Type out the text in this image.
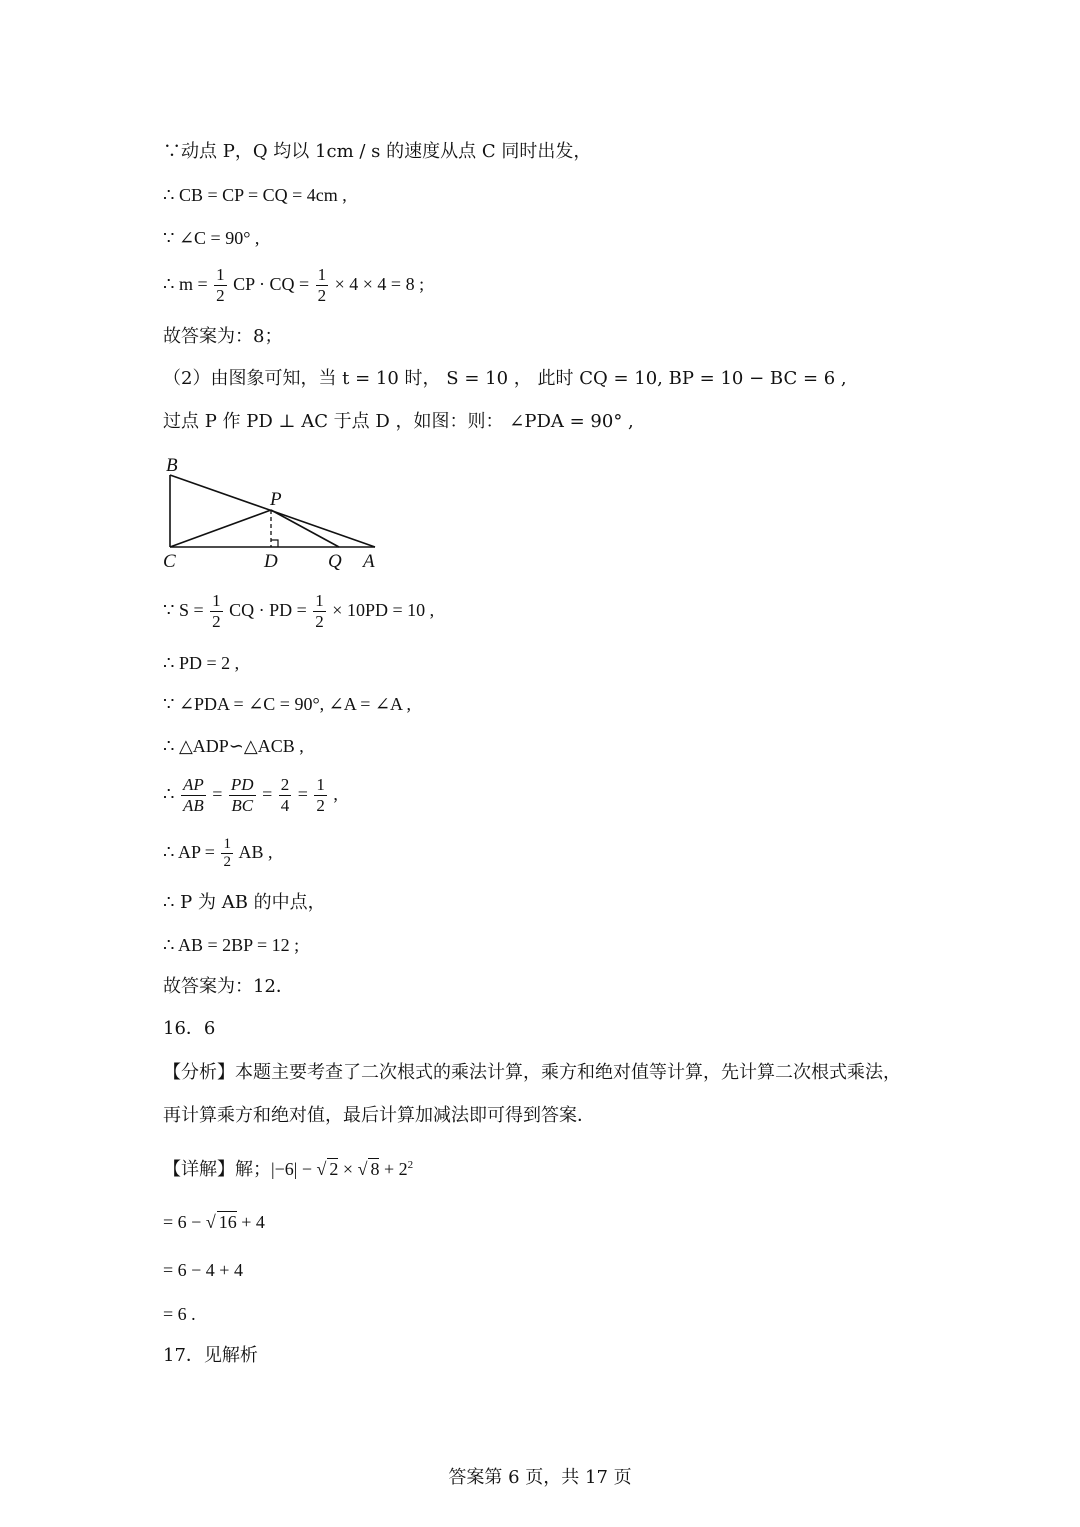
∵动点 P，Q 均以 1cm / s 的速度从点 C 同时出发，
∴ CB = CP = CQ = 4cm ,
∵ ∠C = 90° ,
∴ $m = \frac{1}{2}$ CP · CQ = $\frac{1}{2} \times 4 \times 4 = 8$ ;
故答案为：8；
（2）由图象可知，当 t = 10 时， S = 10 ， 此时 CQ = 10, BP = 10 − BC = 6 ,
过点 P 作 PD ⊥ AC 于点 D ，如图：则： ∠PDA = 90° ,
B
P
C	D	Q A
∵ $S = \frac{1}{2}$ CQ · PD = $\frac{1}{2} \times 10PD = 10$ ,
∴ PD = 2 ,
∵ ∠PDA = ∠C = 90°, ∠A = ∠A ,
∴ △ADP∽△ACB ,
∴ $\frac{AP}{AB} = \frac{PD}{BC} = \frac{2}{4} = \frac{1}{2}$ ,
∴ AP = $\frac{1}{2}$ AB ,
∴ P 为 AB 的中点，
∴ AB = 2BP = 12 ;
故答案为：12．
16．6
【分析】本题主要考查了二次根式的乘法计算，乘方和绝对值等计算，先计算二次根式乘法，
再计算乘方和绝对值，最后计算加减法即可得到答案．
【详解】解；|−6| − √ 2 × √ $8 + 2^2$
= 6 − √ 16 + 4
= 6 − 4 + 4
= 6 .
17．见解析
答案第 6 页，共 17 页
